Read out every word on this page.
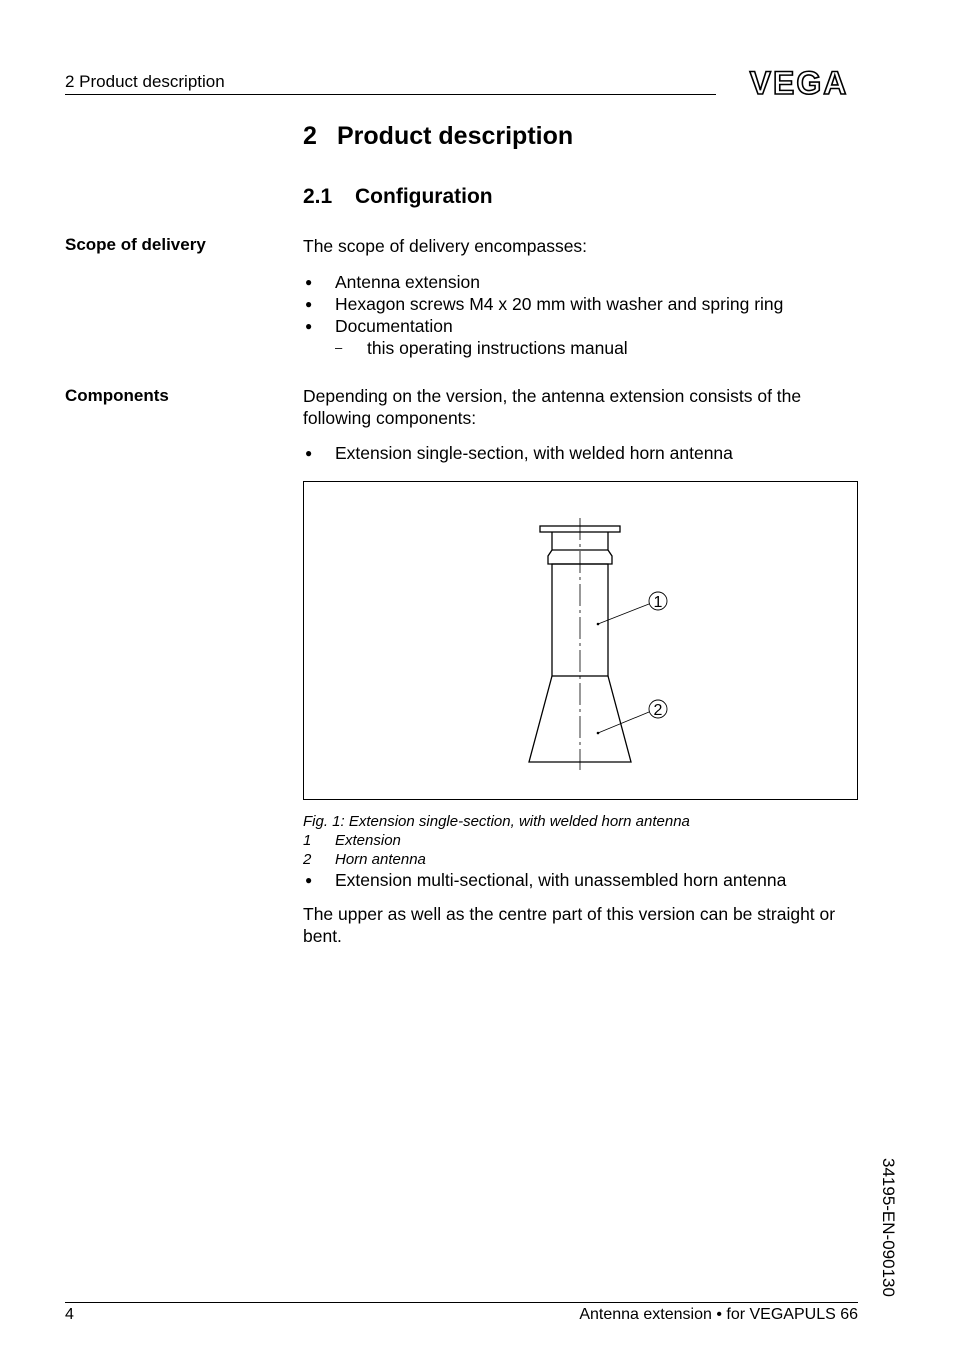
2 Product description	VEGA
2 Product description
2.1 Configuration
Scope of delivery	The scope of delivery encompasses:
● Antenna extension
● Hexagon screws M4 x 20 mm with washer and spring ring
● Documentation
– this operating instructions manual
Components	Depending on the version, the antenna extension consists of the following components:
● Extension single-section, with welded horn antenna
1
2
Fig. 1: Extension single-section, with welded horn antenna
1 Extension
2 Horn antenna
● Extension multi-sectional, with unassembled horn antenna
The upper as well as the centre part of this version can be straight or bent.
34195-EN-090130
4	Antenna extension • for VEGAPULS 66
